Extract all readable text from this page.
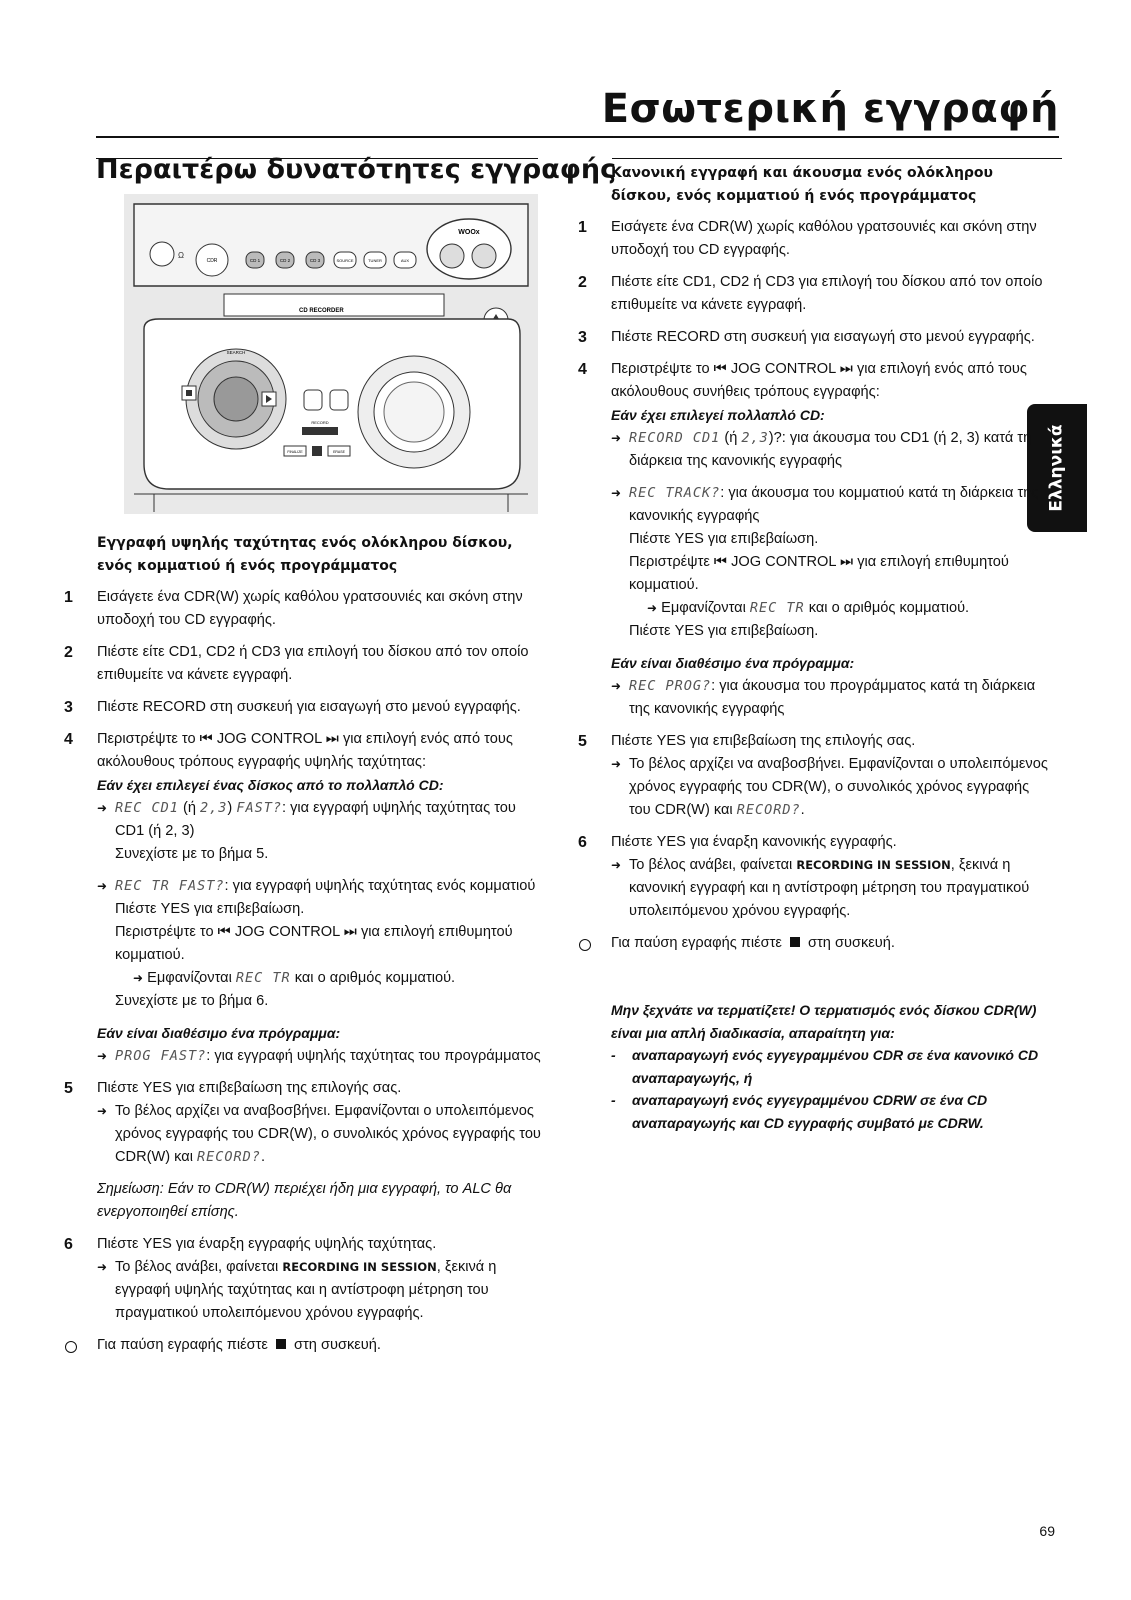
Εσωτερική εγγραφή
Περαιτέρω δυνατότητες εγγραφής
Ελληνικά
Ω
CDR	CD 1	CD 2	CD 3	SOURCE	TUNER	AUX
WOOx
CD RECORDER
SEARCH
RECORD
FINALIZE	ERASE
Εγγραφή υψηλής ταχύτητας ενός ολόκληρου δίσκου, ενός κομματιού ή ενός προγράμματος
1 Εισάγετε ένα CDR(W) χωρίς καθόλου γρατσουνιές και σκόνη στην υποδοχή του CD εγγραφής.
2 Πιέστε είτε CD1, CD2 ή CD3 για επιλογή του δίσκου από τον οποίο επιθυμείτε να κάνετε εγγραφή.
3 Πιέστε RECORD στη συσκευή για εισαγωγή στο μενού εγγραφής.
4 Περιστρέψτε το ⏮ JOG CONTROL ⏭ για επιλογή ενός από τους ακόλουθους τρόπους εγγραφής υψηλής ταχύτητας:
Εάν έχει επιλεγεί ένας δίσκος από το πολλαπλό CD:
➜ REC CD1 (ή 2,3) FAST?: για εγγραφή υψηλής ταχύτητας του CD1 (ή 2, 3)
Συνεχίστε με το βήμα 5.
➜ REC TR FAST?: για εγγραφή υψηλής ταχύτητας ενός κομματιού
Πιέστε YES για επιβεβαίωση.
Περιστρέψτε το ⏮ JOG CONTROL ⏭ για επιλογή επιθυμητού κομματιού.
➜ Εμφανίζονται REC TR και ο αριθμός κομματιού.
Συνεχίστε με το βήμα 6.
Εάν είναι διαθέσιμο ένα πρόγραμμα:
➜ PROG FAST?: για εγγραφή υψηλής ταχύτητας του προγράμματος
5 Πιέστε YES για επιβεβαίωση της επιλογής σας.
➜ Το βέλος αρχίζει να αναβοσβήνει. Εμφανίζονται ο υπολειπόμενος χρόνος εγγραφής του CDR(W), ο συνολικός χρόνος εγγραφής του CDR(W) και RECORD?.
Σημείωση: Εάν το CDR(W) περιέχει ήδη μια εγγραφή, το ALC θα ενεργοποιηθεί επίσης.
6 Πιέστε YES για έναρξη εγγραφής υψηλής ταχύτητας.
➜ Το βέλος ανάβει, φαίνεται RECORDING IN SESSION, ξεκινά η εγγραφή υψηλής ταχύτητας και η αντίστροφη μέτρηση του πραγματικού υπολειπόμενου χρόνου εγγραφής.
Για παύση εγραφής πιέστε στη συσκευή.
Κανονική εγγραφή και άκουσμα ενός ολόκληρου δίσκου, ενός κομματιού ή ενός προγράμματος
1 Εισάγετε ένα CDR(W) χωρίς καθόλου γρατσουνιές και σκόνη στην υποδοχή του CD εγγραφής.
2 Πιέστε είτε CD1, CD2 ή CD3 για επιλογή του δίσκου από τον οποίο επιθυμείτε να κάνετε εγγραφή.
3 Πιέστε RECORD στη συσκευή για εισαγωγή στο μενού εγγραφής.
4 Περιστρέψτε το ⏮ JOG CONTROL ⏭ για επιλογή ενός από τους ακόλουθους συνήθεις τρόπους εγγραφής:
Εάν έχει επιλεγεί πολλαπλό CD:
➜ RECORD CD1 (ή 2,3)?: για άκουσμα του CD1 (ή 2, 3) κατά τη διάρκεια της κανονικής εγγραφής
➜ REC TRACK?: για άκουσμα του κομματιού κατά τη διάρκεια της κανονικής εγγραφής
Πιέστε YES για επιβεβαίωση.
Περιστρέψτε ⏮ JOG CONTROL ⏭ για επιλογή επιθυμητού κομματιού.
➜ Εμφανίζονται REC TR και ο αριθμός κομματιού.
Πιέστε YES για επιβεβαίωση.
Εάν είναι διαθέσιμο ένα πρόγραμμα:
➜ REC PROG?: για άκουσμα του προγράμματος κατά τη διάρκεια της κανονικής εγγραφής
5 Πιέστε YES για επιβεβαίωση της επιλογής σας.
➜ Το βέλος αρχίζει να αναβοσβήνει. Εμφανίζονται ο υπολειπόμενος χρόνος εγγραφής του CDR(W), ο συνολικός χρόνος εγγραφής του CDR(W) και RECORD?.
6 Πιέστε YES για έναρξη κανονικής εγγραφής.
➜ Το βέλος ανάβει, φαίνεται RECORDING IN SESSION, ξεκινά η κανονική εγγραφή και η αντίστροφη μέτρηση του πραγματικού υπολειπόμενου χρόνου εγγραφής.
Για παύση εγραφής πιέστε στη συσκευή.
Μην ξεχνάτε να τερματίζετε! Ο τερματισμός ενός δίσκου CDR(W) είναι μια απλή διαδικασία, απαραίτητη για:
- αναπαραγωγή ενός εγγεγραμμένου CDR σε ένα κανονικό CD αναπαραγωγής, ή
- αναπαραγωγή ενός εγγεγραμμένου CDRW σε ένα CD αναπαραγωγής και CD εγγραφής συμβατό με CDRW.
69
